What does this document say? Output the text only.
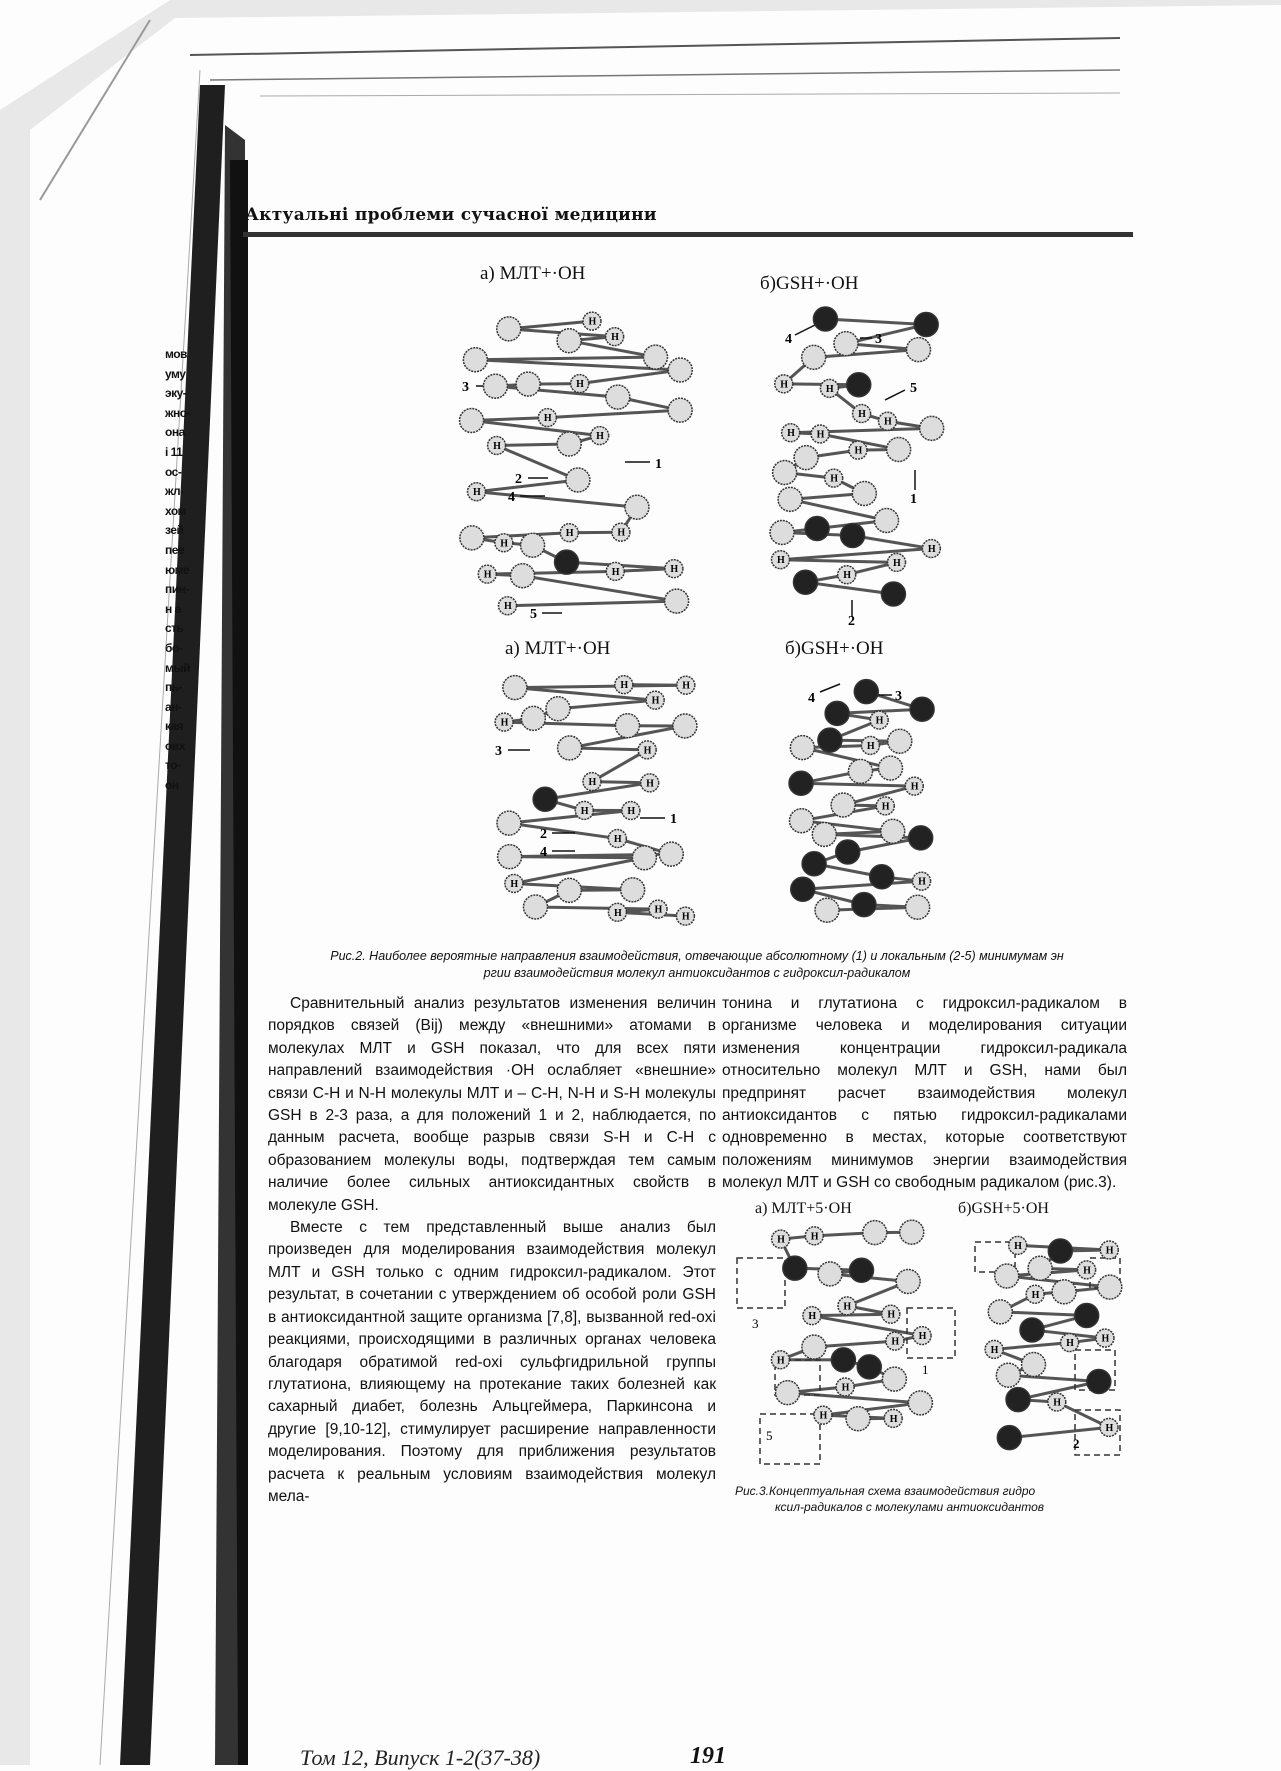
H
H
H
H
H
H
H
H
H
H
H
H
H
H
H	H
H
H
H H
H
H
H
H	H
H
H	H
H
H
H
H	H
H	H
H
H
H
H	H
H
H
H
H
H
H
H
H
H
H
H
H
H
H
H	H
H	H
H
H
H
H
H
H
H
3
1
2
4
5
4	3
5
1
2
3
1
2
4
4	3
3
1
5
2
мов
уму
эку-
жно-
она
і 11
ос-
жл-
хом
зей
пее
юме
пин-
н а
сть
бо-
мый
пь-
ан-
кая
овх
то-
он
Актуальні проблеми сучасної медицини
а) МЛТ+·OH	б)GSH+·OH
а) МЛТ+·OH	б)GSH+·OH
Рис.2. Наиболее вероятные направления взаимодействия, отвечающие абсолютному (1) и локальным (2-5) минимумам эн
ргии взаимодействия молекул антиоксидантов с гидроксил-радикалом

Сравнительный анализ результатов изменения величин порядков связей (Bij) между «внешними» атомами в молекулах МЛТ и GSH показал, что для всех пяти направлений взаимодействия ·ОН ослабляет «внешние» связи С-Н и N-Н молекулы МЛТ и – С-Н, N-Н и S-Н молекулы GSH в 2-3 раза, а для положений 1 и 2, наблюдается, по данным расчета, вообще разрыв связи S-Н и С-Н с образованием молекулы воды, подтверждая тем самым наличие более сильных антиоксидантных свойств в молекуле GSH.

Вместе с тем представленный выше анализ был произведен для моделирования взаимодействия молекул МЛТ и GSH только с одним гидроксил-радикалом. Этот результат, в сочетании с утверждением об особой роли GSH в антиоксидантной защите организма [7,8], вызванной red-oxi реакциями, происходящими в различных органах человека благодаря обратимой red-oxi сульфгидрильной группы глутатиона, влияющему на протекание таких болезней как сахарный диабет, болезнь Альцгеймера, Паркинсона и другие [9,10-12], стимулирует расширение направленности моделирования. Поэтому для приближения результатов расчета к реальным условиям взаимодействия молекул мела-

тонина и глутатиона с гидроксил-радикалом в организме человека и моделирования ситуации изменения концентрации гидроксил-радикала относительно молекул МЛТ и GSH, нами был предпринят расчет взаимодействия молекул антиоксидантов с пятью гидроксил-радикалами одновременно в местах, которые соответствуют положениям минимумов энергии взаимодействия молекул МЛТ и GSH со свободным радикалом (рис.3).

а) МЛТ+5·OH	б)GSH+5·OH
Рис.3.Концептуальная схема взаимодействия гидро
ксил-радикалов с молекулами антиоксидантов
Том 12, Випуск 1-2(37-38)	191
